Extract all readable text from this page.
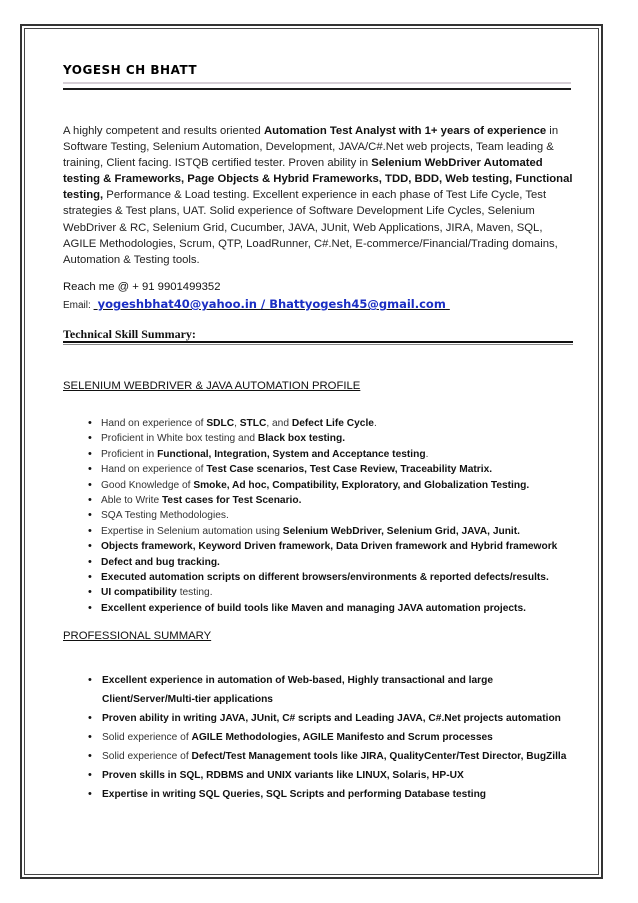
YOGESH CH BHATT
A highly competent and results oriented Automation Test Analyst with 1+ years of experience in Software Testing, Selenium Automation, Development, JAVA/C#.Net web projects, Team leading & training, Client facing. ISTQB certified tester. Proven ability in Selenium WebDriver Automated testing & Frameworks, Page Objects & Hybrid Frameworks, TDD, BDD, Web testing, Functional testing, Performance & Load testing. Excellent experience in each phase of Test Life Cycle, Test strategies & Test plans, UAT. Solid experience of Software Development Life Cycles, Selenium WebDriver & RC, Selenium Grid, Cucumber, JAVA, JUnit, Web Applications, JIRA, Maven, SQL, AGILE Methodologies, Scrum, QTP, LoadRunner, C#.Net, E-commerce/Financial/Trading domains, Automation & Testing tools.
Reach me @ + 91 9901499352
Email: yogeshbhat40@yahoo.in / Bhattyogesh45@gmail.com
Technical Skill Summary:
SELENIUM WEBDRIVER & JAVA AUTOMATION PROFILE
• Hand on experience of SDLC, STLC, and Defect Life Cycle.
• Proficient in White box testing and Black box testing.
• Proficient in Functional, Integration, System and Acceptance testing.
• Hand on experience of Test Case scenarios, Test Case Review, Traceability Matrix.
• Good Knowledge of Smoke, Ad hoc, Compatibility, Exploratory, and Globalization Testing.
• Able to Write Test cases for Test Scenario.
• SQA Testing Methodologies.
• Expertise in Selenium automation using Selenium WebDriver, Selenium Grid, JAVA, Junit.
• Objects framework, Keyword Driven framework, Data Driven framework and Hybrid framework
• Defect and bug tracking.
• Executed automation scripts on different browsers/environments & reported defects/results.
• UI compatibility testing.
• Excellent experience of build tools like Maven and managing JAVA automation projects.
PROFESSIONAL SUMMARY
• Excellent experience in automation of Web-based, Highly transactional and large Client/Server/Multi-tier applications
• Proven ability in writing JAVA, JUnit, C# scripts and Leading JAVA, C#.Net projects automation
• Solid experience of AGILE Methodologies, AGILE Manifesto and Scrum processes
• Solid experience of Defect/Test Management tools like JIRA, QualityCenter/Test Director, BugZilla
• Proven skills in SQL, RDBMS and UNIX variants like LINUX, Solaris, HP-UX
• Expertise in writing SQL Queries, SQL Scripts and performing Database testing
